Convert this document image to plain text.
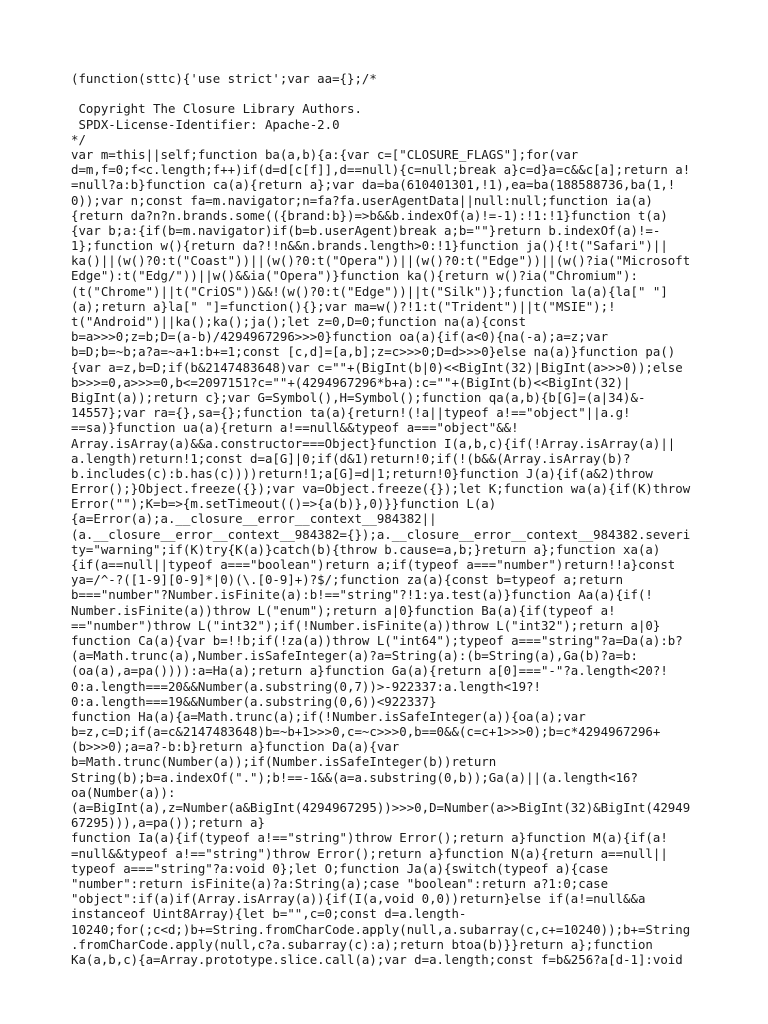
(function(sttc){'use strict';var aa={};/*
Copyright The Closure Library Authors.
SPDX-License-Identifier: Apache-2.0
*/
var m=this||self;function ba(a,b){a:{var c=["CLOSURE_FLAGS"];for(var
d=m,f=0;f<c.length;f++)if(d=d[c[f]],d==null){c=null;break a}c=d}a=c&&c[a];return a!
=null?a:b}function ca(a){return a};var da=ba(610401301,!1),ea=ba(188588736,ba(1,!
0));var n;const fa=m.navigator;n=fa?fa.userAgentData||null:null;function ia(a)
{return da?n?n.brands.some(({brand:b})=>b&&b.indexOf(a)!=-1):!1:!1}function t(a)
{var b;a:{if(b=m.navigator)if(b=b.userAgent)break a;b=""}return b.indexOf(a)!=-
1};function w(){return da?!!n&&n.brands.length>0:!1}function ja(){!t("Safari")||
ka()||(w()?0:t("Coast"))||(w()?0:t("Opera"))||(w()?0:t("Edge"))||(w()?ia("Microsoft
Edge"):t("Edg/"))||w()&&ia("Opera")}function ka(){return w()?ia("Chromium"):
(t("Chrome")||t("CriOS"))&&!(w()?0:t("Edge"))||t("Silk")};function la(a){la[" "]
(a);return a}la[" "]=function(){};var ma=w()?!1:t("Trident")||t("MSIE");!
t("Android")||ka();ka();ja();let z=0,D=0;function na(a){const
b=a>>>0;z=b;D=(a-b)/4294967296>>>0}function oa(a){if(a<0){na(-a);a=z;var
b=D;b=~b;a?a=~a+1:b+=1;const [c,d]=[a,b];z=c>>>0;D=d>>>0}else na(a)}function pa()
{var a=z,b=D;if(b&2147483648)var c=""+(BigInt(b|0)<<BigInt(32)|BigInt(a>>>0));else
b>>>=0,a>>>=0,b<=2097151?c=""+(4294967296*b+a):c=""+(BigInt(b)<<BigInt(32)|
BigInt(a));return c};var G=Symbol(),H=Symbol();function qa(a,b){b[G]=(a|34)&-
14557};var ra={},sa={};function ta(a){return!(!a||typeof a!=="object"||a.g!
==sa)}function ua(a){return a!==null&&typeof a==="object"&&!
Array.isArray(a)&&a.constructor===Object}function I(a,b,c){if(!Array.isArray(a)||
a.length)return!1;const d=a[G]|0;if(d&1)return!0;if(!(b&&(Array.isArray(b)?
b.includes(c):b.has(c))))return!1;a[G]=d|1;return!0}function J(a){if(a&2)throw
Error();}Object.freeze({});var va=Object.freeze({});let K;function wa(a){if(K)throw
Error("");K=b=>{m.setTimeout(()=>{a(b)},0)}}function L(a)
{a=Error(a);a.__closure__error__context__984382||
(a.__closure__error__context__984382={});a.__closure__error__context__984382.severi
ty="warning";if(K)try{K(a)}catch(b){throw b.cause=a,b;}return a};function xa(a)
{if(a==null||typeof a==="boolean")return a;if(typeof a==="number")return!!a}const
ya=/^-?([1-9][0-9]*|0)(\.[0-9]+)?$/;function za(a){const b=typeof a;return
b==="number"?Number.isFinite(a):b!=="string"?!1:ya.test(a)}function Aa(a){if(!
Number.isFinite(a))throw L("enum");return a|0}function Ba(a){if(typeof a!
=="number")throw L("int32");if(!Number.isFinite(a))throw L("int32");return a|0}
function Ca(a){var b=!!b;if(!za(a))throw L("int64");typeof a==="string"?a=Da(a):b?
(a=Math.trunc(a),Number.isSafeInteger(a)?a=String(a):(b=String(a),Ga(b)?a=b:
(oa(a),a=pa()))):a=Ha(a);return a}function Ga(a){return a[0]==="-"?a.length<20?!
0:a.length===20&&Number(a.substring(0,7))>-922337:a.length<19?!
0:a.length===19&&Number(a.substring(0,6))<922337}
function Ha(a){a=Math.trunc(a);if(!Number.isSafeInteger(a)){oa(a);var
b=z,c=D;if(a=c&2147483648)b=~b+1>>>0,c=~c>>>0,b==0&&(c=c+1>>>0);b=c*4294967296+
(b>>>0);a=a?-b:b}return a}function Da(a){var
b=Math.trunc(Number(a));if(Number.isSafeInteger(b))return
String(b);b=a.indexOf(".");b!==-1&&(a=a.substring(0,b));Ga(a)||(a.length<16?
oa(Number(a)):
(a=BigInt(a),z=Number(a&BigInt(4294967295))>>>0,D=Number(a>>BigInt(32)&BigInt(42949
67295))),a=pa());return a}
function Ia(a){if(typeof a!=="string")throw Error();return a}function M(a){if(a!
=null&&typeof a!=="string")throw Error();return a}function N(a){return a==null||
typeof a==="string"?a:void 0};let O;function Ja(a){switch(typeof a){case
"number":return isFinite(a)?a:String(a);case "boolean":return a?1:0;case
"object":if(a)if(Array.isArray(a)){if(I(a,void 0,0))return}else if(a!=null&&a
instanceof Uint8Array){let b="",c=0;const d=a.length-
10240;for(;c<d;)b+=String.fromCharCode.apply(null,a.subarray(c,c+=10240));b+=String
.fromCharCode.apply(null,c?a.subarray(c):a);return btoa(b)}}return a};function
Ka(a,b,c){a=Array.prototype.slice.call(a);var d=a.length;const f=b&256?a[d-1]:void
